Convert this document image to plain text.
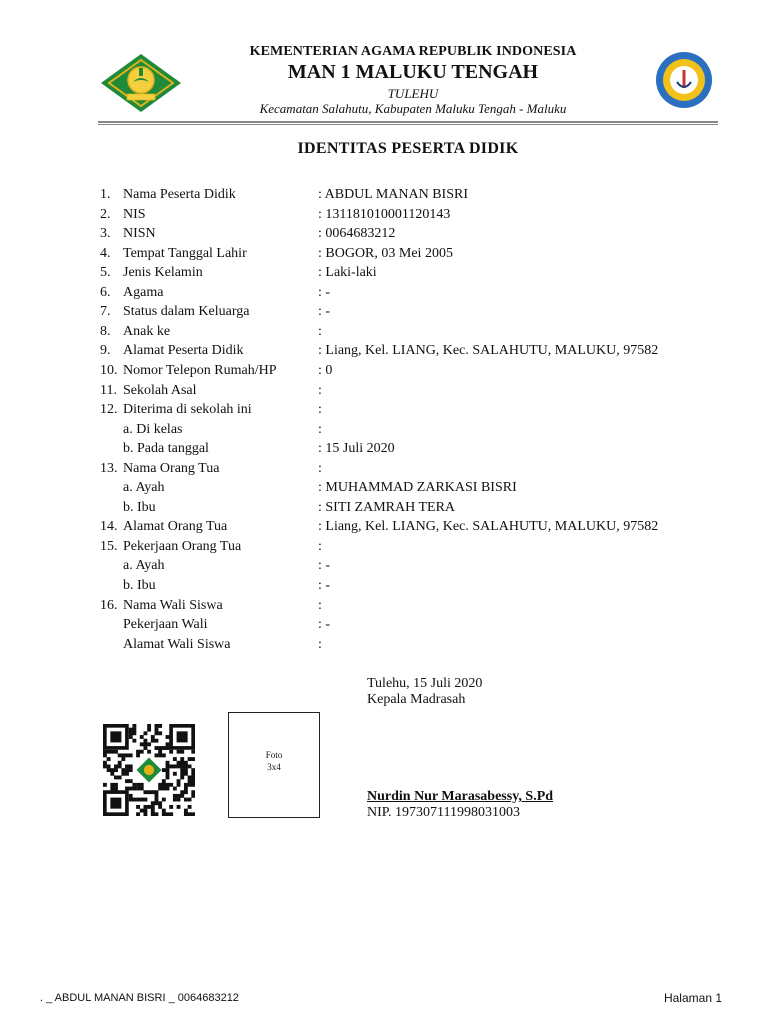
KEMENTERIAN AGAMA REPUBLIK INDONESIA
MAN 1 MALUKU TENGAH
TULEHU
Kecamatan Salahutu, Kabupaten Maluku Tengah - Maluku
IDENTITAS PESERTA DIDIK
1. Nama Peserta Didik	: ABDUL MANAN BISRI
2. NIS	: 131181010001120143
3. NISN	: 0064683212
4. Tempat Tanggal Lahir	: BOGOR, 03 Mei 2005
5. Jenis Kelamin	: Laki-laki
6. Agama	: -
7. Status dalam Keluarga	: -
8. Anak ke	:
9. Alamat Peserta Didik	: Liang, Kel. LIANG, Kec. SALAHUTU, MALUKU, 97582
10. Nomor Telepon Rumah/HP	: 0
11. Sekolah Asal	:
12. Diterima di sekolah ini	:
a. Di kelas	:
b. Pada tanggal	: 15 Juli 2020
13. Nama Orang Tua	:
a. Ayah	: MUHAMMAD ZARKASI BISRI
b. Ibu	: SITI ZAMRAH TERA
14. Alamat Orang Tua	: Liang, Kel. LIANG, Kec. SALAHUTU, MALUKU, 97582
15. Pekerjaan Orang Tua	:
a. Ayah	: -
b. Ibu	: -
16. Nama Wali Siswa	:
Pekerjaan Wali	: -
Alamat Wali Siswa	:
Tulehu, 15 Juli 2020
Kepala Madrasah
Nurdin Nur Marasabessy, S.Pd
NIP. 197307111998031003
Foto
3x4
. _ ABDUL MANAN BISRI _ 0064683212	Halaman 1
